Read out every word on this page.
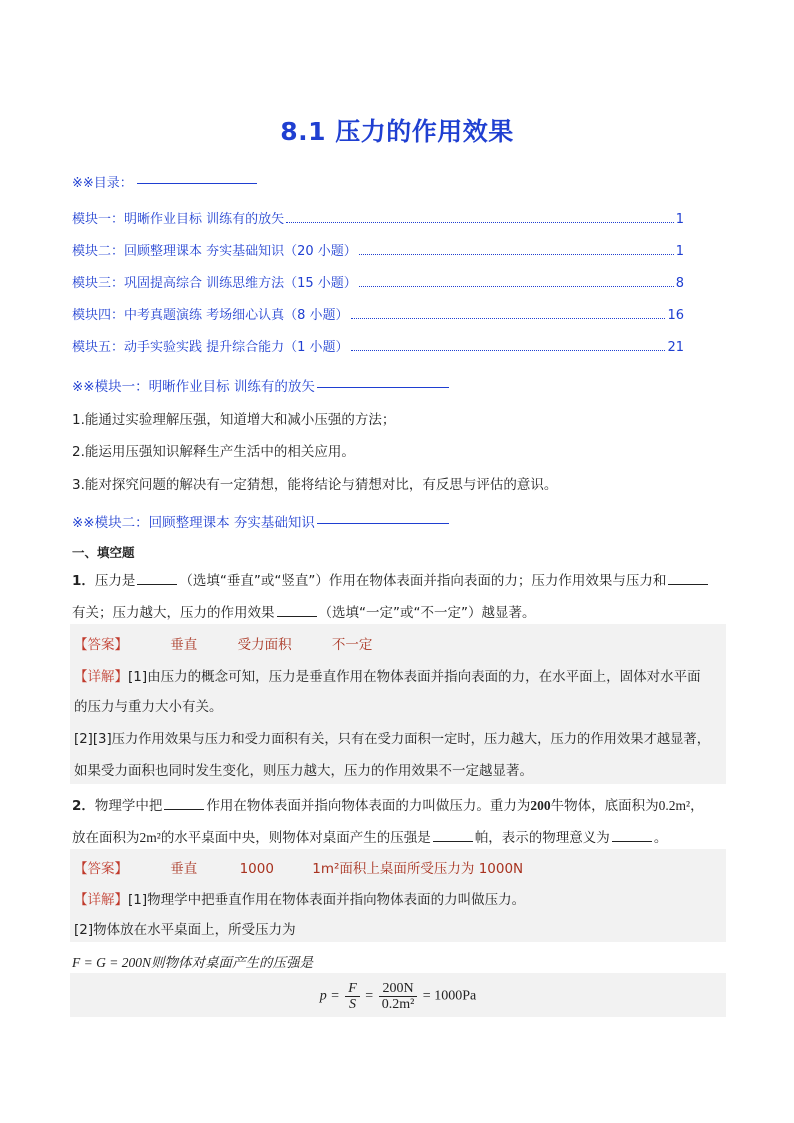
8.1 压力的作用效果
※※目录：
模块一：明晰作业目标 训练有的放矢	1
模块二：回顾整理课本 夯实基础知识（20 小题）	1
模块三：巩固提高综合 训练思维方法（15 小题）	8
模块四：中考真题演练 考场细心认真（8 小题）	16
模块五：动手实验实践 提升综合能力（1 小题）	21
※※模块一：明晰作业目标 训练有的放矢
1.能通过实验理解压强，知道增大和减小压强的方法；
2.能运用压强知识解释生产生活中的相关应用。
3.能对探究问题的解决有一定猜想，能将结论与猜想对比，有反思与评估的意识。
※※模块二：回顾整理课本 夯实基础知识
一、填空题
1．压力是	（选填“垂直”或“竖直”）作用在物体表面并指向表面的力；压力作用效果与压力和
有关；压力越大，压力的作用效果	（选填“一定”或“不一定”）越显著。
【答案】	垂直	受力面积	不一定
【详解】[1]由压力的概念可知，压力是垂直作用在物体表面并指向表面的力，在水平面上，固体对水平面
的压力与重力大小有关。
[2][3]压力作用效果与压力和受力面积有关，只有在受力面积一定时，压力越大，压力的作用效果才越显著，
如果受力面积也同时发生变化，则压力越大，压力的作用效果不一定越显著。
2．物理学中把	作用在物体表面并指向物体表面的力叫做压力。重力为200牛物体，底面积为0.2m²，
放在面积为2m²的水平桌面中央，则物体对桌面产生的压强是	帕，表示的物理意义为	。
【答案】	垂直	1000	1m²面积上桌面所受压力为 1000N
【详解】[1]物理学中把垂直作用在物体表面并指向物体表面的力叫做压力。
[2]物体放在水平桌面上，所受压力为
F = G = 200N则物体对桌面产生的压强是
$p = \frac{F}{S} = \frac{200N}{\text{0.2m²}} = 1000Pa$
